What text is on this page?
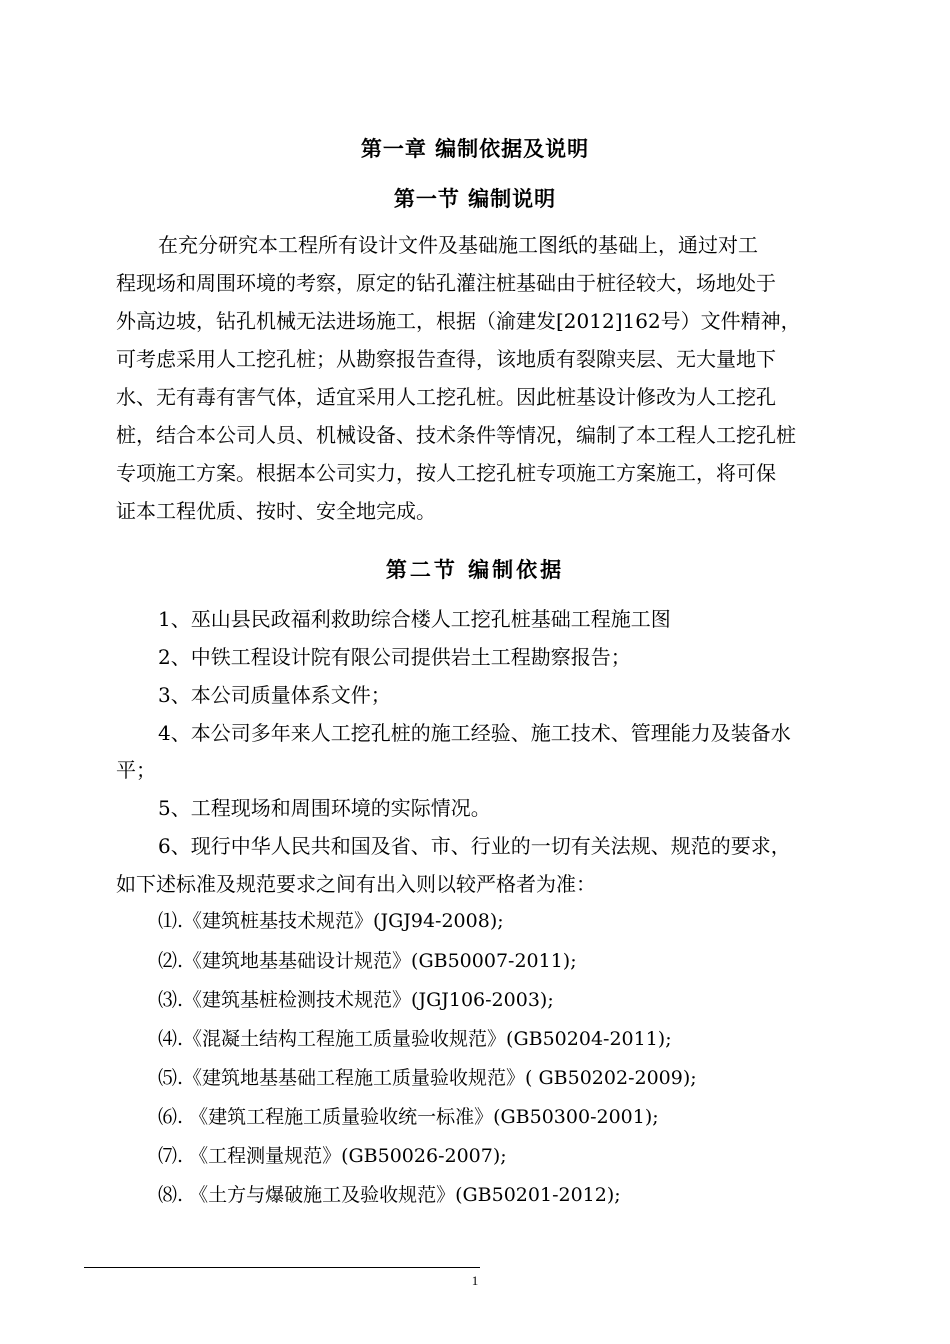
第一章 编制依据及说明
第一节 编制说明
在充分研究本工程所有设计文件及基础施工图纸的基础上，通过对工
程现场和周围环境的考察，原定的钻孔灌注桩基础由于桩径较大，场地处于
外高边坡，钻孔机械无法进场施工，根据（渝建发[2012]162号）文件精神，
可考虑采用人工挖孔桩；从勘察报告查得，该地质有裂隙夹层、无大量地下
水、无有毒有害气体，适宜采用人工挖孔桩。因此桩基设计修改为人工挖孔
桩，结合本公司人员、机械设备、技术条件等情况，编制了本工程人工挖孔桩
专项施工方案。根据本公司实力，按人工挖孔桩专项施工方案施工，将可保
证本工程优质、按时、安全地完成。
第二节 编制依据
1、巫山县民政福利救助综合楼人工挖孔桩基础工程施工图
2、中铁工程设计院有限公司提供岩土工程勘察报告；
3、本公司质量体系文件；
4、本公司多年来人工挖孔桩的施工经验、施工技术、管理能力及装备水
平；
5、工程现场和周围环境的实际情况。
6、现行中华人民共和国及省、市、行业的一切有关法规、规范的要求，
如下述标准及规范要求之间有出入则以较严格者为准：
⑴.《建筑桩基技术规范》(JGJ94-2008);
⑵.《建筑地基基础设计规范》(GB50007-2011);
⑶.《建筑基桩检测技术规范》(JGJ106-2003);
⑷.《混凝土结构工程施工质量验收规范》(GB50204-2011);
⑸.《建筑地基基础工程施工质量验收规范》( GB50202-2009);
⑹. 《建筑工程施工质量验收统一标准》(GB50300-2001);
⑺. 《工程测量规范》(GB50026-2007);
⑻. 《土方与爆破施工及验收规范》(GB50201-2012);
1
